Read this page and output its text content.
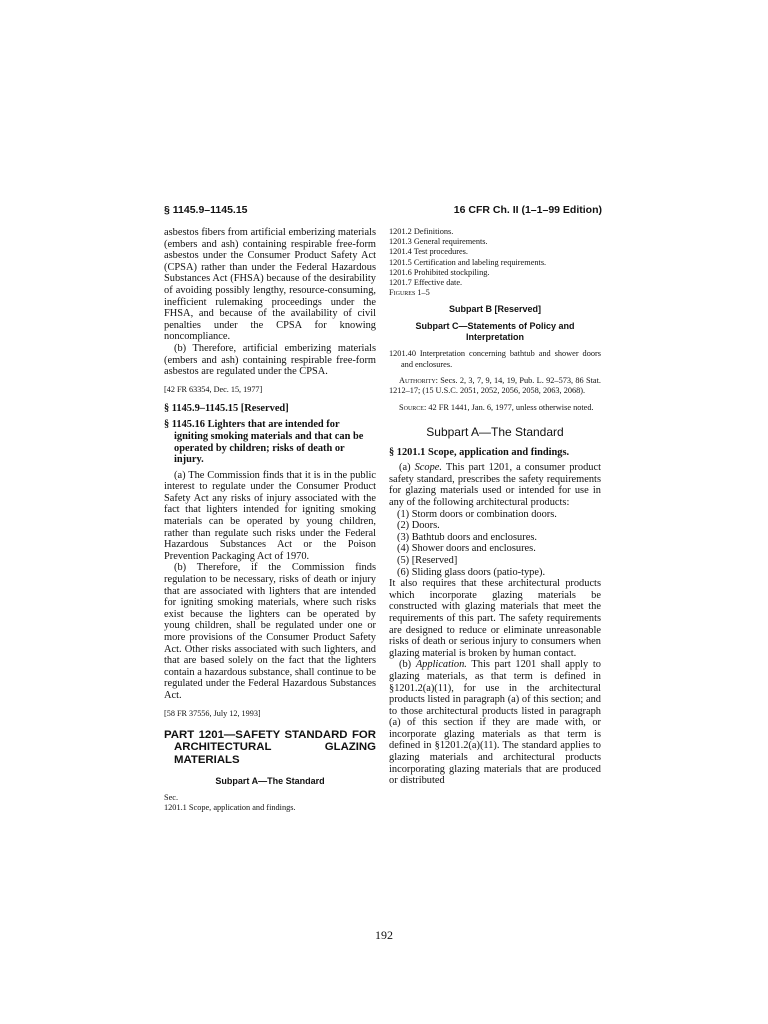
§ 1145.9–1145.15	16 CFR Ch. II (1–1–99 Edition)

asbestos fibers from artificial emberizing materials (embers and ash) containing respirable free-form asbestos under the Consumer Product Safety Act (CPSA) rather than under the Federal Hazardous Substances Act (FHSA) because of the desirability of avoiding possibly lengthy, resource-consuming, inefficient rulemaking proceedings under the FHSA, and because of the availability of civil penalties under the CPSA for knowing noncompliance.

(b) Therefore, artificial emberizing materials (embers and ash) containing respirable free-form asbestos are regulated under the CPSA.

[42 FR 63354, Dec. 15, 1977]

§ 1145.9–1145.15 [Reserved]

§ 1145.16 Lighters that are intended for igniting smoking materials and that can be operated by children; risks of death or injury.

(a) The Commission finds that it is in the public interest to regulate under the Consumer Product Safety Act any risks of injury associated with the fact that lighters intended for igniting smoking materials can be operated by young children, rather than regulate such risks under the Federal Hazardous Substances Act or the Poison Prevention Packaging Act of 1970.

(b) Therefore, if the Commission finds regulation to be necessary, risks of death or injury that are associated with lighters that are intended for igniting smoking materials, where such risks exist because the lighters can be operated by young children, shall be regulated under one or more provisions of the Consumer Product Safety Act. Other risks associated with such lighters, and that are based solely on the fact that the lighters contain a hazardous substance, shall continue to be regulated under the Federal Hazardous Substances Act.

[58 FR 37556, July 12, 1993]

PART 1201—SAFETY STANDARD FOR ARCHITECTURAL GLAZING MATERIALS

Subpart A—The Standard

Sec.

1201.1 Scope, application and findings.

1201.2 Definitions.

1201.3 General requirements.

1201.4 Test procedures.

1201.5 Certification and labeling requirements.

1201.6 Prohibited stockpiling.

1201.7 Effective date.

Figures 1–5

Subpart B [Reserved]

Subpart C—Statements of Policy and Interpretation

1201.40 Interpretation concerning bathtub and shower doors and enclosures.

Authority: Secs. 2, 3, 7, 9, 14, 19, Pub. L. 92–573, 86 Stat. 1212–17; (15 U.S.C. 2051, 2052, 2056, 2058, 2063, 2068).

Source: 42 FR 1441, Jan. 6, 1977, unless otherwise noted.

Subpart A—The Standard

§ 1201.1 Scope, application and findings.

(a) Scope. This part 1201, a consumer product safety standard, prescribes the safety requirements for glazing materials used or intended for use in any of the following architectural products:

(1) Storm doors or combination doors.

(2) Doors.

(3) Bathtub doors and enclosures.

(4) Shower doors and enclosures.

(5) [Reserved]

(6) Sliding glass doors (patio-type).

It also requires that these architectural products which incorporate glazing materials be constructed with glazing materials that meet the requirements of this part. The safety requirements are designed to reduce or eliminate unreasonable risks of death or serious injury to consumers when glazing material is broken by human contact.

(b) Application. This part 1201 shall apply to glazing materials, as that term is defined in §1201.2(a)(11), for use in the architectural products listed in paragraph (a) of this section; and to those architectural products listed in paragraph (a) of this section if they are made with, or incorporate glazing materials as that term is defined in §1201.2(a)(11). The standard applies to glazing materials and architectural products incorporating glazing materials that are produced or distributed

192
